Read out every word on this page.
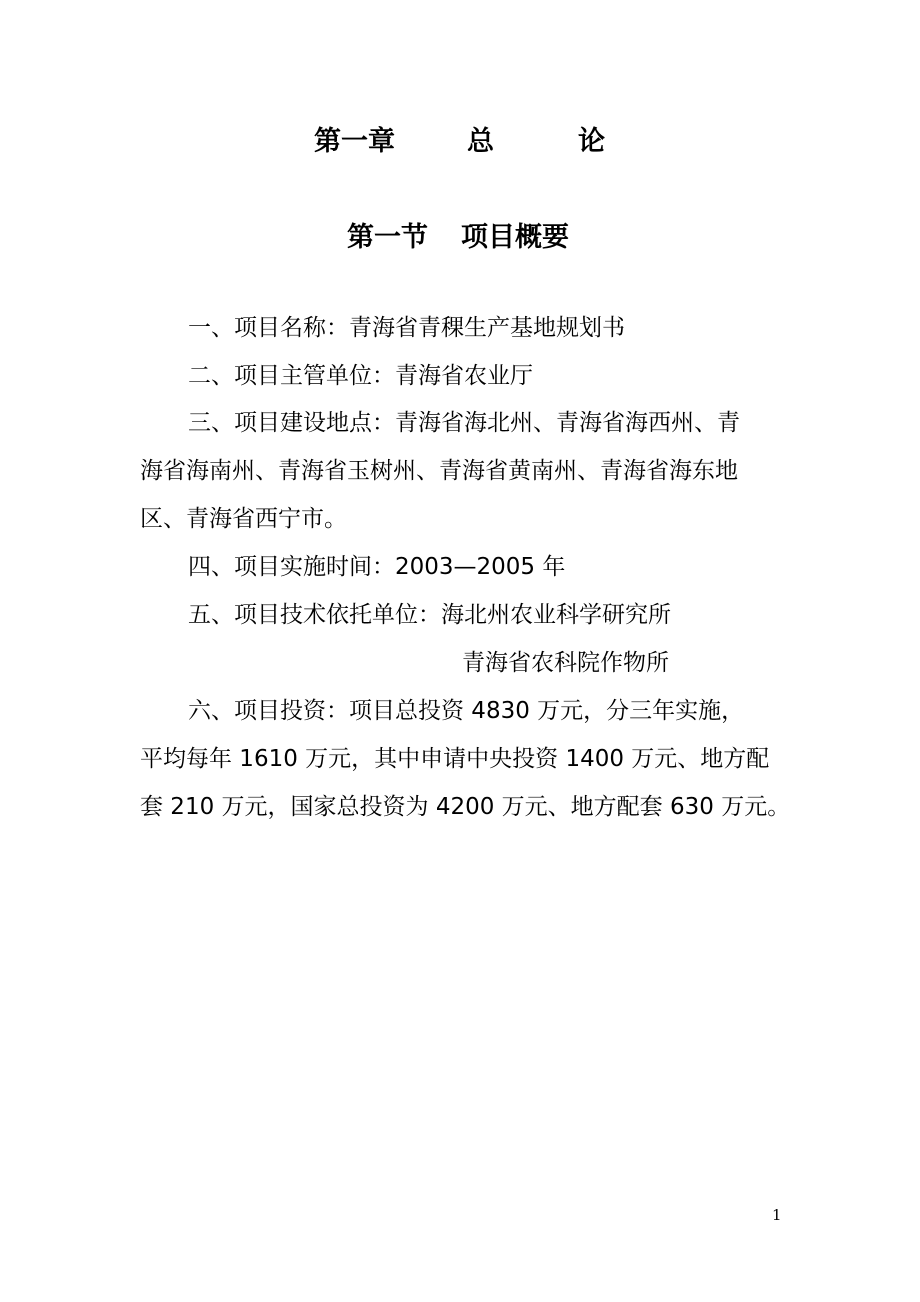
第一章	总	论
第一节 项目概要
一、项目名称：青海省青稞生产基地规划书
二、项目主管单位：青海省农业厅
三、项目建设地点：青海省海北州、青海省海西州、青
海省海南州、青海省玉树州、青海省黄南州、青海省海东地
区、青海省西宁市。
四、项目实施时间：2003—2005 年
五、项目技术依托单位：海北州农业科学研究所
青海省农科院作物所
六、项目投资：项目总投资 4830 万元，分三年实施，
平均每年 1610 万元，其中申请中央投资 1400 万元、地方配
套 210 万元，国家总投资为 4200 万元、地方配套 630 万元。
1
